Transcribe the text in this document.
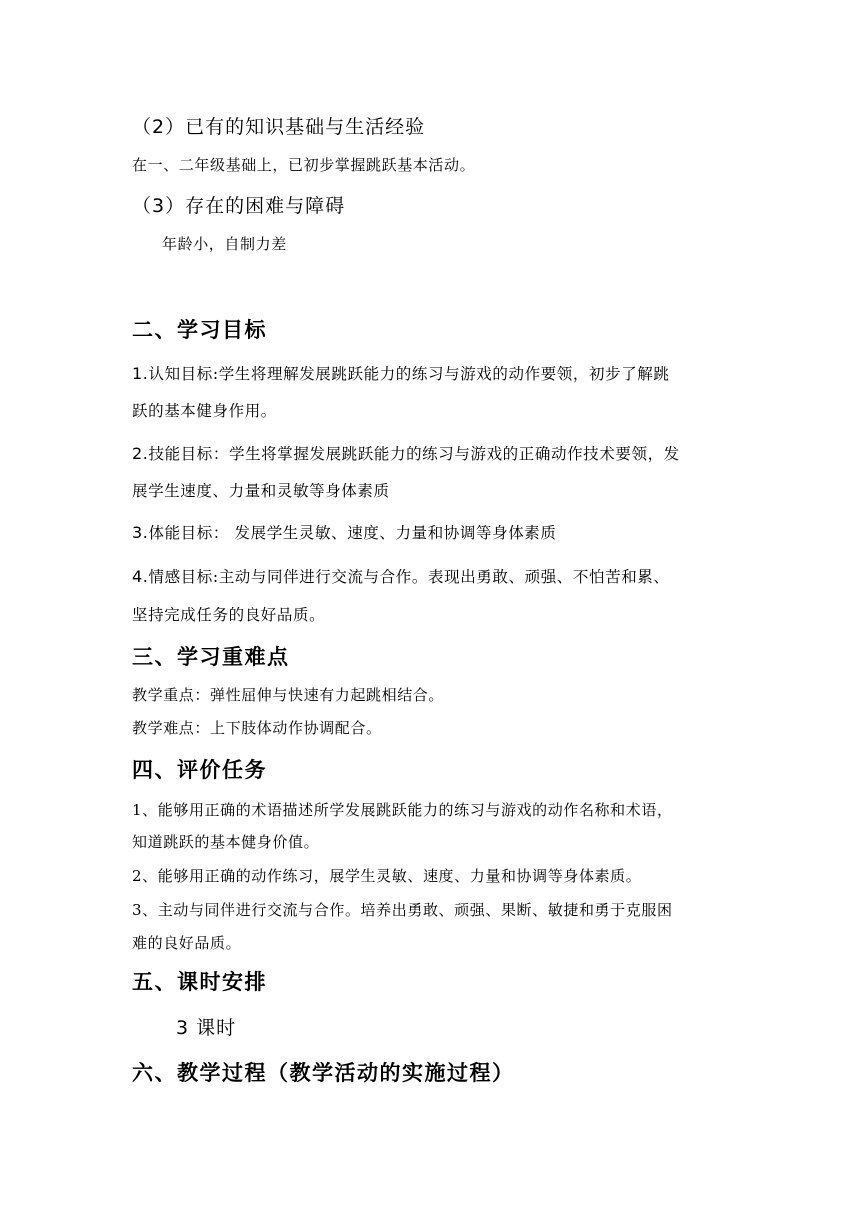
（2）已有的知识基础与生活经验
在一、二年级基础上，已初步掌握跳跃基本活动。
（3）存在的困难与障碍
年龄小，自制力差
二、学习目标
1.认知目标:学生将理解发展跳跃能力的练习与游戏的动作要领，初步了解跳
跃的基本健身作用。
2.技能目标：学生将掌握发展跳跃能力的练习与游戏的正确动作技术要领，发
展学生速度、力量和灵敏等身体素质
3.体能目标： 发展学生灵敏、速度、力量和协调等身体素质
4.情感目标:主动与同伴进行交流与合作。表现出勇敢、顽强、不怕苦和累、
坚持完成任务的良好品质。
三、学习重难点
教学重点：弹性屈伸与快速有力起跳相结合。
教学难点：上下肢体动作协调配合。
四、评价任务
1、能够用正确的术语描述所学发展跳跃能力的练习与游戏的动作名称和术语，
知道跳跃的基本健身价值。
2、能够用正确的动作练习，展学生灵敏、速度、力量和协调等身体素质。
3、主动与同伴进行交流与合作。培养出勇敢、顽强、果断、敏捷和勇于克服困
难的良好品质。
五、课时安排
3 课时
六、教学过程（教学活动的实施过程）
